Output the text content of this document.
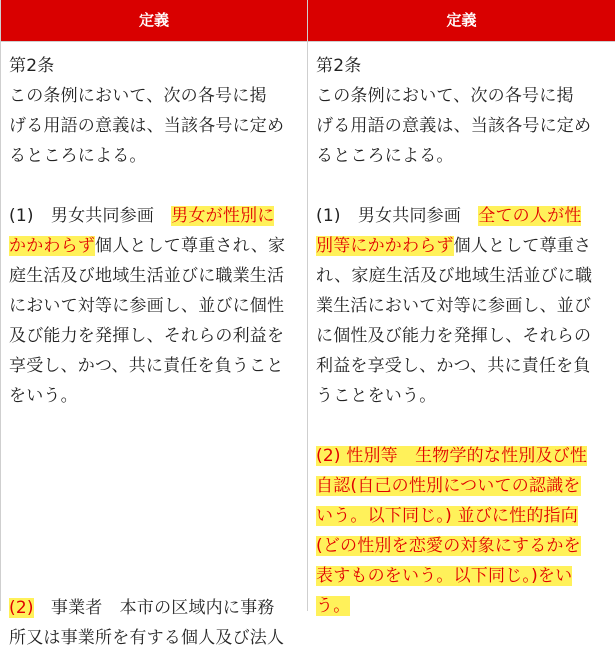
定義
第2条
この条例において、次の各号に掲
げる用語の意義は、当該各号に定め
るところによる。
(1)　男女共同参画　男女が性別に
かかわらず個人として尊重され、家
庭生活及び地域生活並びに職業生活
において対等に参画し、並びに個性
及び能力を発揮し、それらの利益を
享受し、かつ、共に責任を負うこと
をいう。
(2)　事業者　本市の区域内に事務
所又は事業所を有する個人及び法人
定義
第2条
この条例において、次の各号に掲
げる用語の意義は、当該各号に定め
るところによる。
(1)　男女共同参画　全ての人が性
別等にかかわらず個人として尊重さ
れ、家庭生活及び地域生活並びに職
業生活において対等に参画し、並び
に個性及び能力を発揮し、それらの
利益を享受し、かつ、共に責任を負
うことをいう。
(2) 性別等　生物学的な性別及び性
自認(自己の性別についての認識を
いう。以下同じ。) 並びに性的指向
(どの性別を恋愛の対象にするかを
表すものをいう。以下同じ。)をい
う。
